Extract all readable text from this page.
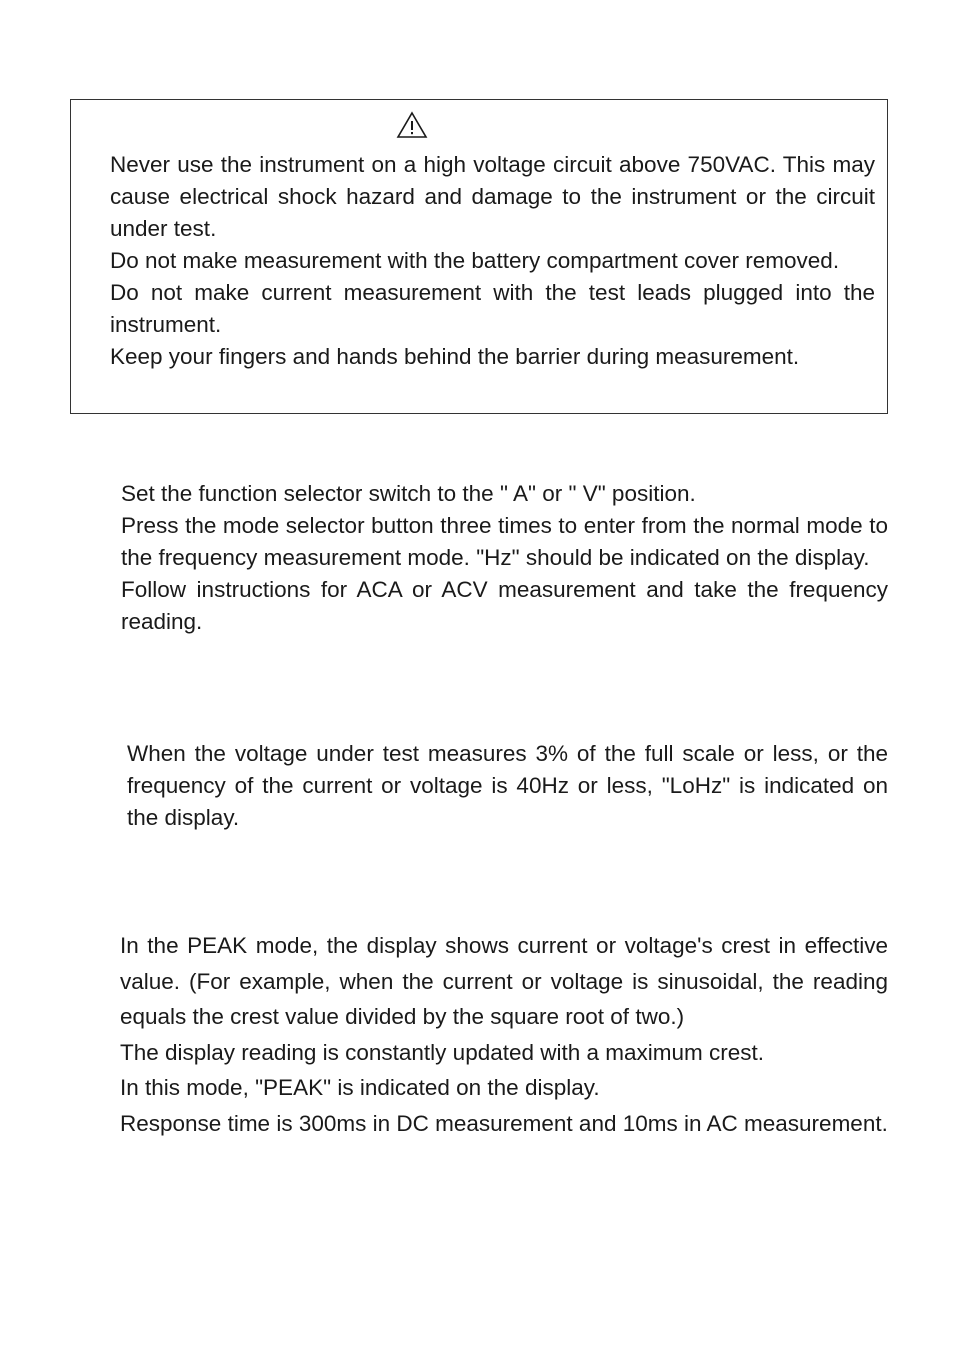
Never use the instrument on a high voltage circuit above 750VAC. This may cause electrical shock hazard and damage to the instrument or the circuit under test.

Do not make measurement with the battery compartment cover removed.

Do not make current measurement with the test leads plugged into the instrument.

Keep your fingers and hands behind the barrier during measurement.

Set the function selector switch to the " A" or " V" position.

Press the mode selector button three times to enter from the normal mode to the frequency measurement mode. "Hz" should be indicated on the display.

Follow instructions for ACA or ACV measurement and take the frequency reading.

When the voltage under test measures 3% of the full scale or less, or the frequency of the current or voltage is 40Hz or less, "LoHz" is indicated on the display.

In the PEAK mode, the display shows current or voltage's crest in effective value. (For example, when the current or voltage is sinusoidal, the reading equals the crest value divided by the square root of two.)

The display reading is constantly updated with a maximum crest.

In this mode, "PEAK" is indicated on the display.

Response time is 300ms in DC measurement and 10ms in AC measurement.
